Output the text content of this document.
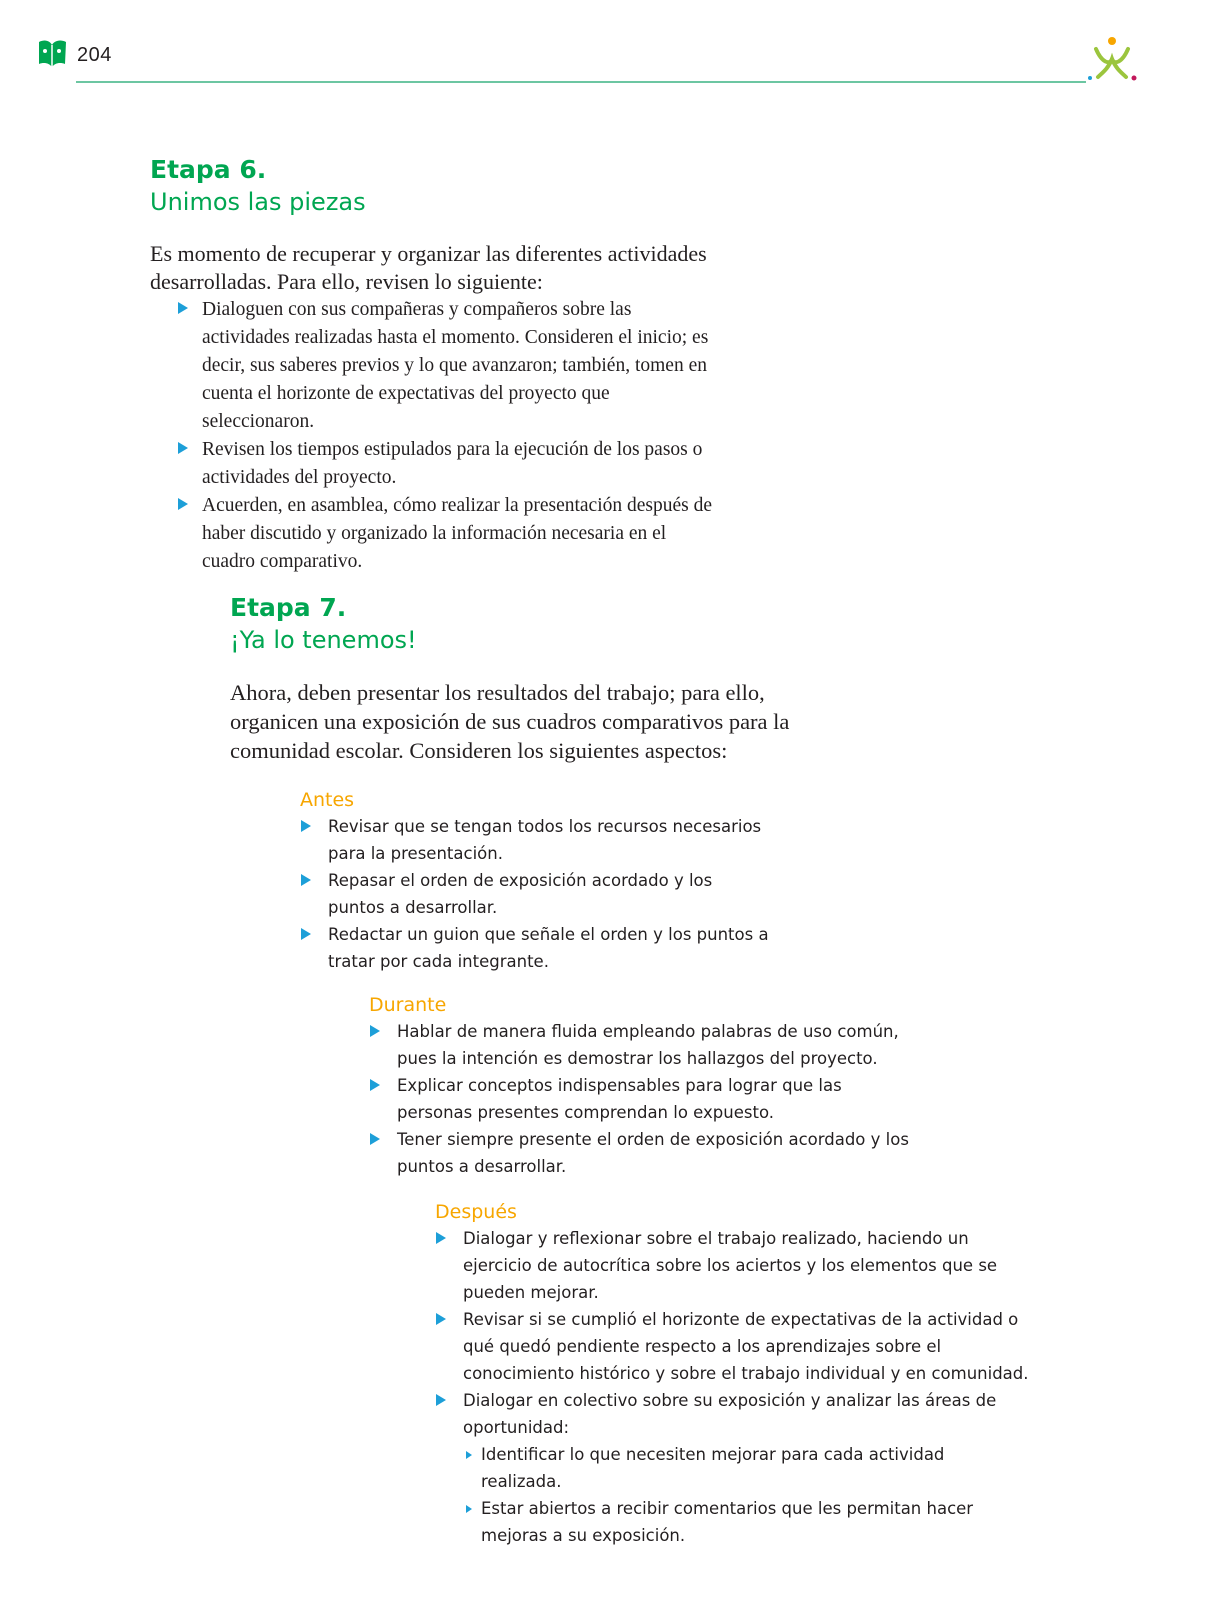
204
Etapa 6.
Unimos las piezas
Es momento de recuperar y organizar las diferentes actividades desarrolladas. Para ello, revisen lo siguiente:
Dialoguen con sus compañeras y compañeros sobre las actividades realizadas hasta el momento. Consideren el inicio; es decir, sus saberes previos y lo que avanzaron; también, tomen en cuenta el horizonte de expectativas del proyecto que seleccionaron.
Revisen los tiempos estipulados para la ejecución de los pasos o actividades del proyecto.
Acuerden, en asamblea, cómo realizar la presentación después de haber discutido y organizado la información necesaria en el cuadro comparativo.
Etapa 7.
¡Ya lo tenemos!
Ahora, deben presentar los resultados del trabajo; para ello, organicen una exposición de sus cuadros comparativos para la comunidad escolar. Consideren los siguientes aspectos:
Antes
Revisar que se tengan todos los recursos necesarios para la presentación.
Repasar el orden de exposición acordado y los puntos a desarrollar.
Redactar un guion que señale el orden y los puntos a tratar por cada integrante.
Durante
Hablar de manera fluida empleando palabras de uso común, pues la intención es demostrar los hallazgos del proyecto.
Explicar conceptos indispensables para lograr que las personas presentes comprendan lo expuesto.
Tener siempre presente el orden de exposición acordado y los puntos a desarrollar.
Después
Dialogar y reflexionar sobre el trabajo realizado, haciendo un ejercicio de autocrítica sobre los aciertos y los elementos que se pueden mejorar.
Revisar si se cumplió el horizonte de expectativas de la actividad o qué quedó pendiente respecto a los aprendizajes sobre el conocimiento histórico y sobre el trabajo individual y en comunidad.
Dialogar en colectivo sobre su exposición y analizar las áreas de oportunidad:
Identificar lo que necesiten mejorar para cada actividad realizada.
Estar abiertos a recibir comentarios que les permitan hacer mejoras a su exposición.
